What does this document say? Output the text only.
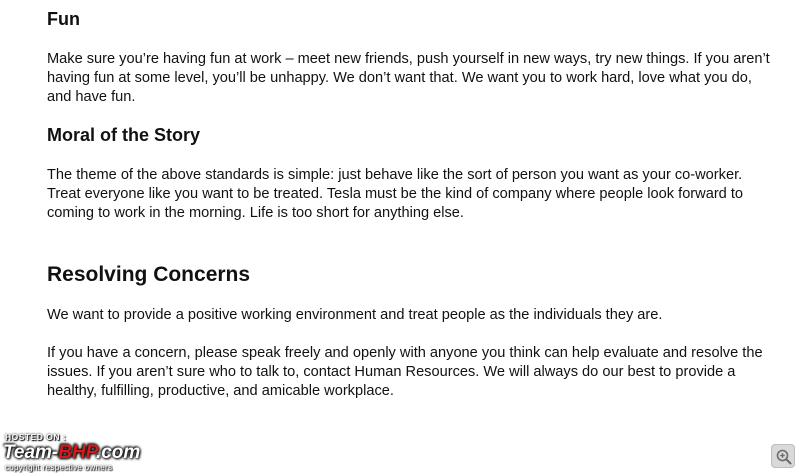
Fun

Make sure you’re having fun at work – meet new friends, push yourself in new ways, try new things. If you aren’t having fun at some level, you’ll be unhappy. We don’t want that. We want you to work hard, love what you do, and have fun.

Moral of the Story

The theme of the above standards is simple: just behave like the sort of person you want as your co-worker. Treat everyone like you want to be treated. Tesla must be the kind of company where people look forward to coming to work in the morning. Life is too short for anything else.

Resolving Concerns

We want to provide a positive working environment and treat people as the individuals they are.

If you have a concern, please speak freely and openly with anyone you think can help evaluate and resolve the issues. If you aren’t sure who to talk to, contact Human Resources. We will always do our best to provide a healthy, fulfilling, productive, and amicable workplace.

HOSTED ON :
Team-BHP.com
copyright respective owners
